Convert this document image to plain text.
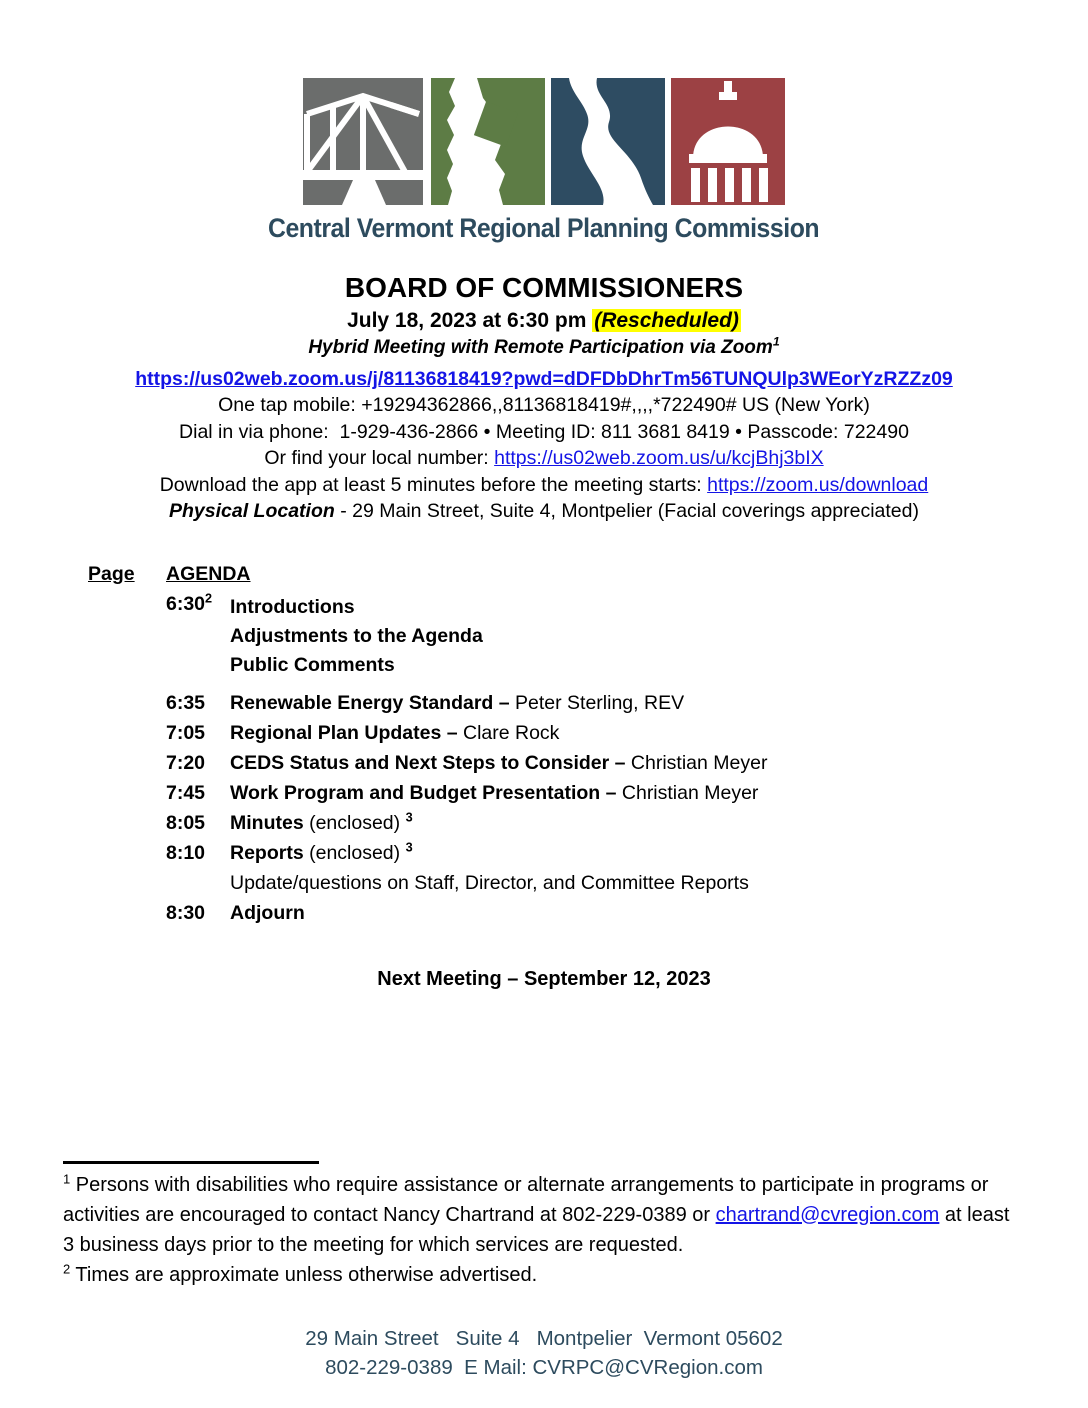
Central Vermont Regional Planning Commission
BOARD OF COMMISSIONERS
July 18, 2023 at 6:30 pm (Rescheduled)
Hybrid Meeting with Remote Participation via Zoom$^1$
https://us02web.zoom.us/j/81136818419?pwd=dDFDbDhrTm56TUNQUlp3WEorYzRZZz09
One tap mobile: +19294362866,,81136818419#,,,,*722490# US (New York)
Dial in via phone:  1-929-436-2866 • Meeting ID: 811 3681 8419 • Passcode: 722490
Or find your local number: https://us02web.zoom.us/u/kcjBhj3bIX
Download the app at least 5 minutes before the meeting starts: https://zoom.us/download
Physical Location - 29 Main Street, Suite 4, Montpelier (Facial coverings appreciated)
Page AGENDA
$6:30^2$ Introductions
Adjustments to the Agenda
Public Comments
6:35 Renewable Energy Standard – Peter Sterling, REV
7:05 Regional Plan Updates – Clare Rock
7:20 CEDS Status and Next Steps to Consider – Christian Meyer
7:45 Work Program and Budget Presentation – Christian Meyer
8:05 Minutes (enclosed) $^3$
8:10 Reports (enclosed) $^3$
Update/questions on Staff, Director, and Committee Reports
8:30 Adjourn
Next Meeting – September 12, 2023

$^1$ Persons with disabilities who require assistance or alternate arrangements to participate in programs or activities are encouraged to contact Nancy Chartrand at 802-229-0389 or chartrand@cvregion.com at least 3 business days prior to the meeting for which services are requested.

$^2$ Times are approximate unless otherwise advertised.

29 Main Street   Suite 4   Montpelier  Vermont 05602
802-229-0389  E Mail: CVRPC@CVRegion.com
